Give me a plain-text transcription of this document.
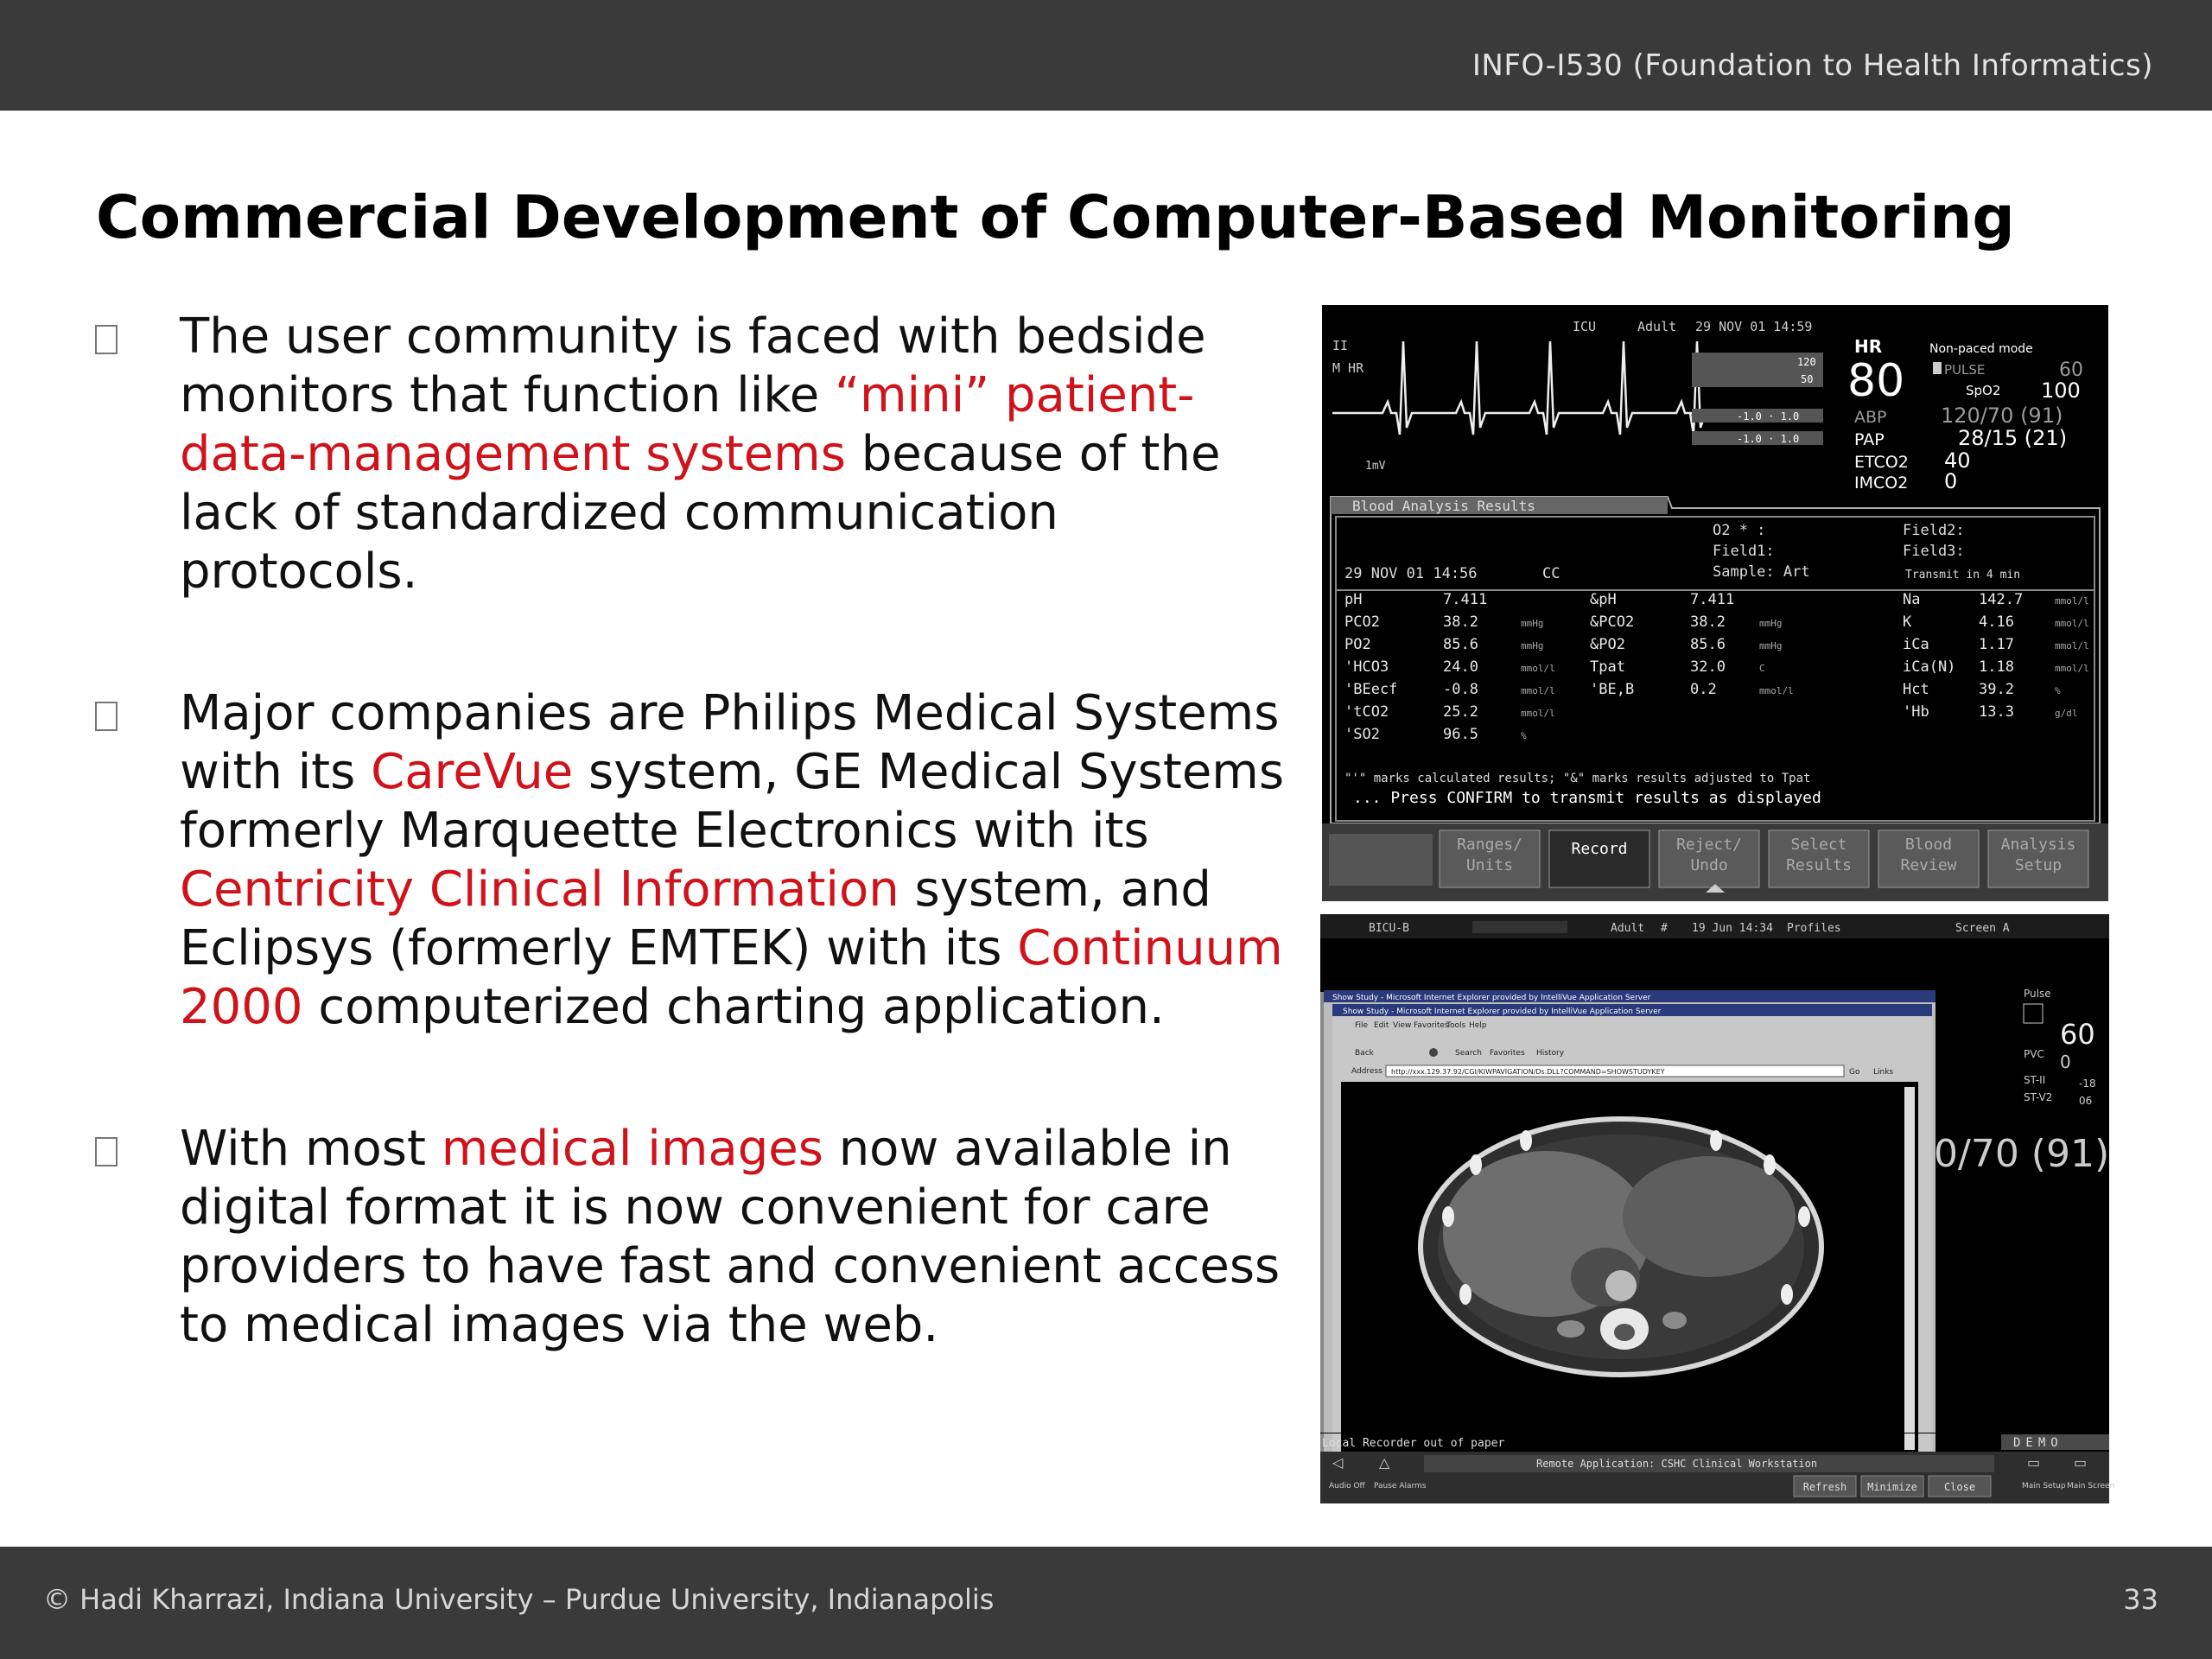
INFO-I530 (Foundation to Health Informatics)
Commercial Development of Computer-Based Monitoring
The user community is faced with bedside monitors that function like “mini” patient-data-management systems because of the lack of standardized communication protocols.
Major companies are Philips Medical Systems with its CareVue system, GE Medical Systems formerly Marqueette Electronics with its Centricity Clinical Information system, and Eclipsys (formerly EMTEK) with its Continuum 2000 computerized charting application.
With most medical images now available in digital format it is now convenient for care providers to have fast and convenient access to medical images via the web.
ICU	Adult 29 NOV 01 14:59
II
M HR
1mV
120
50
-1.0 · 1.0
-1.0 · 1.0
HR
80
Non-paced mode
PULSE	60
SpO2 100
ABP	120/70 (91)
PAP	28/15 (21)
ETCO2 40
IMCO2 0
Blood Analysis Results
O2 * :
Field1:
Field2:
Field3:
29 NOV 01 14:56	CC	Sample: Art	Transmit in 4 min
pH	7.411
PCO2	38.2	mmHg
PO2	85.6	mmHg
'HCO3	24.0	mmol/l
'BEecf	-0.8	mmol/l
'tCO2	25.2	mmol/l
'SO2	96.5	%
&pH	7.411
&PCO2	38.2	mmHg
&PO2	85.6	mmHg
Tpat	32.0	C
'BE,B	0.2	mmol/l
Na	142.7	mmol/l
K	4.16	mmol/l
iCa	1.17	mmol/l
iCa(N) 1.18	mmol/l
Hct	39.2	%
'Hb	13.3	g/dl
"'" marks calculated results; "&" marks results adjusted to Tpat
... Press CONFIRM to transmit results as displayed
Ranges/
Units
Record	Reject/
Undo
Select
Results
Blood
Review
Analysis
Setup
BICU-B	Adult # 19 Jun 14:34 Profiles	Screen A
Show Study - Microsoft Internet Explorer provided by IntelliVue Application Server
Show Study - Microsoft Internet Explorer provided by IntelliVue Application Server
File Edit View Favorites
Tools Help
Back	Search Favorites History
Address http://xxx.129.37.92/CGI/KIWPAVIGATION/Ds.DLL?COMMAND=SHOWSTUDYKEY	Go Links
Pulse
60
PVC 0
ST-II	-18
ST-V2	06
0/70 (91)
Local Recorder out of paper	DEMO
Remote Application: CSHC Clinical Workstation
Refresh Minimize	Close
◁
Audio Off
△
Pause Alarms
▭
Main Setup
▭
Main Screen
© Hadi Kharrazi, Indiana University – Purdue University, Indianapolis	33
